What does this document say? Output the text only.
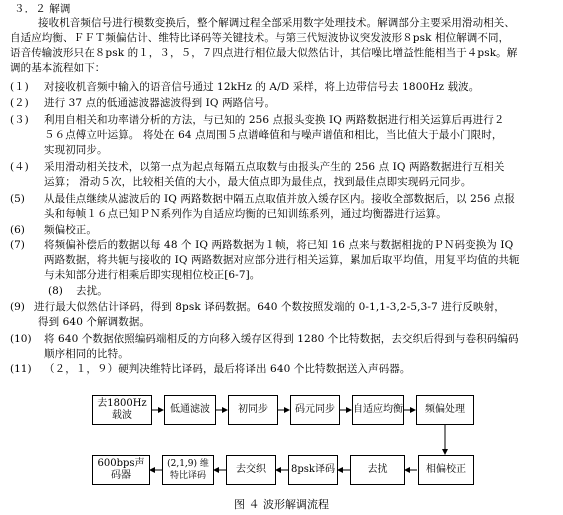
３．２ 解调
接收机音频信号进行模数变换后，整个解调过程全部采用数字处理技术。解调部分主要采用滑动相关、
自适应均衡、ＦＦＴ频偏估计、维特比译码等关键技术。与第三代短波协议突发波形８psk 相位解调不同，
语音传输波形只在８psk 的１，３，５，７四点进行相位最大似然估计，其信噪比增益性能相当于４psk。解
调的基本流程如下：
(１) 对接收机音频中输入的语音信号通过 12kHz 的 A/D 采样，将上边带信号去 1800Hz 载波。
(２) 进行 37 点的低通滤波器滤波得到 IQ 两路信号。
(３) 利用自相关和功率谱分析的方法，与已知的 256 点报头变换 IQ 两路数据进行相关运算后再进行２
５６点傅立叶运算。 将处在 64 点周围５点谱峰值和与噪声谱值和相比，当比值大于最小门限时，
实现初同步。
(４) 采用滑动相关技术，以第一点为起点每隔五点取数与由报头产生的 256 点 IQ 两路数据进行互相关
运算； 滑动５次，比较相关值的大小，最大值点即为最佳点，找到最佳点即实现码元同步。
(5) 从最佳点继续从滤波后的 IQ 两路数据中隔五点取值并放入缓存区内。接收全部数据后，以 256 点报
头和每帧１６点已知ＰＮ系列作为自适应均衡的已知训练系列，通过均衡器进行运算。
(6) 频偏校正。
(7) 将频偏补偿后的数据以每 48 个 IQ 两路数据为１帧，将已知 16 点来与数据相拢的ＰＮ码变换为 IQ
两路数据，将共轭与接收的 IQ 两路数据对应部分进行相关运算，累加后取平均值，用复平均值的共轭
与未知部分进行相乘后即实现相位校正[6-7]。
(8) 去扰。
(9) 进行最大似然估计译码，得到 8psk 译码数据。640 个数按照发端的 0-1,1-3,2-5,3-7 进行反映射，
得到 640 个解调数据。
(10) 将 640 个数据依照编码端相反的方向移入缓存区得到 1280 个比特数据，去交织后得到与卷积码编码
顺序相同的比特。
(11) （２，１，９）硬判决维特比译码，最后将译出 640 个比特数据送入声码器。
去1800Hz载波
低通滤波	初同步	码元同步	自适应均衡	频偏处理
600bps声码器
(2,1,9) 维特比译码
去交织	8psk译码	去扰	相偏校正
图 ４ 波形解调流程
